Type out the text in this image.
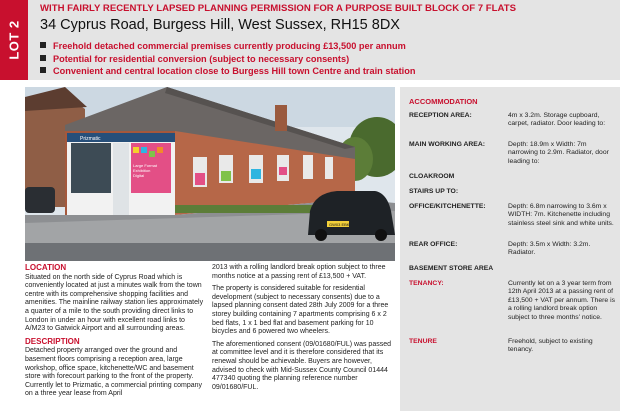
LOT 2
WITH FAIRLY RECENTLY LAPSED PLANNING PERMISSION FOR A PURPOSE BUILT BLOCK OF 7 FLATS
34 Cyprus Road, Burgess Hill, West Sussex, RH15 8DX
Freehold detached commercial premises currently producing £13,500 per annum
Potential for residential conversion (subject to necessary consents)
Convenient and central location close to Burgess Hill town Centre and train station
Prizmatic
Large Format
Exhibition
Digital
GW03 EBK
LOCATION

Situated on the north side of Cyprus Road which is conveniently located at just a minutes walk from the town centre with its comprehensive shopping facilities and amenities. The mainline railway station lies approximately a quarter of a mile to the south providing direct links to London in under an hour with excellent road links to A/M23 to Gatwick Airport and all surrounding areas.

DESCRIPTION

Detached property arranged over the ground and basement floors comprising a reception area, large workshop, office space, kitchenette/WC and basement store with forecourt parking to the front of the property. Currently let to Prizmatic, a commercial printing company on a three year lease from April

2013 with a rolling landlord break option subject to three months notice at a passing rent of £13,500 + VAT.

The property is considered suitable for residential development (subject to necessary consents) due to a lapsed planning consent dated 28th July 2009 for a three storey building containing 7 apartments comprising 6 x 2 bed flats, 1 x 1 bed flat and basement parking for 10 bicycles and 6 powered two wheelers.

The aforementioned consent (09/01680/FUL) was passed at committee level and it is therefore considered that its renewal should be achievable. Buyers are however, advised to check with Mid-Sussex County Council 01444 477340 quoting the planning reference number 09/01680/FUL.

ACCOMMODATION
RECEPTION AREA:	4m x 3.2m. Storage cupboard, carpet, radiator. Door leading to:
MAIN WORKING AREA:	Depth: 18.9m x Width: 7m narrowing to 2.9m. Radiator, door leading to:
CLOAKROOM
STAIRS UP TO:
OFFICE/KITCHENETTE:	Depth: 6.8m narrowing to 3.6m x WIDTH: 7m. Kitchenette including stainless steel sink and white units.
REAR OFFICE:	Depth: 3.5m x Width: 3.2m. Radiator.
BASEMENT STORE AREA
TENANCY:	Currently let on a 3 year term from 12th April 2013 at a passing rent of £13,500 + VAT per annum. There is a rolling landlord break option subject to three months' notice.
TENURE	Freehold, subject to existing tenancy.
